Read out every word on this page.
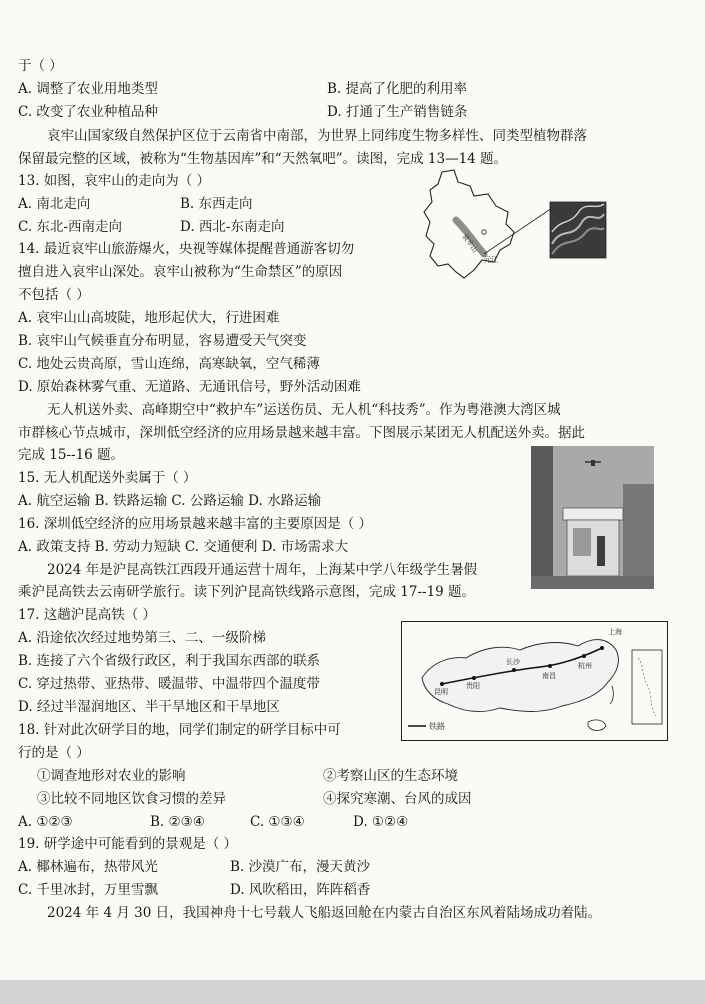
于（ ）
A. 调整了农业用地类型	B. 提高了化肥的利用率
C. 改变了农业种植品种	D. 打通了生产销售链条
哀牢山国家级自然保护区位于云南省中南部，为世界上同纬度生物多样性、同类型植物群落
保留最完整的区域，被称为“生物基因库”和“天然氧吧”。读图，完成 13—14 题。
13. 如图，哀牢山的走向为（ ）
A. 南北走向	B. 东西走向
C. 东北-西南走向	D. 西北-东南走向
14. 最近哀牢山旅游爆火，央视等媒体提醒普通游客切勿
擅自进入哀牢山深处。哀牢山被称为“生命禁区”的原因
不包括（ ）
A. 哀牢山山高坡陡，地形起伏大，行进困难
B. 哀牢山气候垂直分布明显，容易遭受天气突变
C. 地处云贵高原，雪山连绵，高寒缺氧，空气稀薄
D. 原始森林雾气重、无道路、无通讯信号，野外活动困难
无人机送外卖、高峰期空中“救护车”运送伤员、无人机“科技秀”。作为粤港澳大湾区城
市群核心节点城市，深圳低空经济的应用场景越来越丰富。下图展示某团无人机配送外卖。据此
完成 15--16 题。
15. 无人机配送外卖属于（ ）
A. 航空运输 B. 铁路运输 C. 公路运输 D. 水路运输
16. 深圳低空经济的应用场景越来越丰富的主要原因是（ ）
A. 政策支持 B. 劳动力短缺 C. 交通便利 D. 市场需求大
2024 年是沪昆高铁江西段开通运营十周年，上海某中学八年级学生暑假
乘沪昆高铁去云南研学旅行。读下列沪昆高铁线路示意图，完成 17--19 题。
17. 这趟沪昆高铁（ ）
A. 沿途依次经过地势第三、二、一级阶梯
B. 连接了六个省级行政区，利于我国东西部的联系
C. 穿过热带、亚热带、暖温带、中温带四个温度带
D. 经过半湿润地区、半干旱地区和干旱地区
18. 针对此次研学目的地，同学们制定的研学目标中可
行的是（ ）
①调查地形对农业的影响	②考察山区的生态环境
③比较不同地区饮食习惯的差异	④探究寒潮、台风的成因
A. ①②③	B. ②③④	C. ①③④	D. ①②④
19. 研学途中可能看到的景观是（ ）
A. 椰林遍布，热带风光	B. 沙漠广布，漫天黄沙
C. 千里冰封，万里雪飘	D. 风吹稻田，阵阵稻香
2024 年 4 月 30 日，我国神舟十七号载人飞船返回舱在内蒙古自治区东风着陆场成功着陆。
哀牢山
元江
昆明
贵阳
长沙
南昌
杭州
上海
铁路
